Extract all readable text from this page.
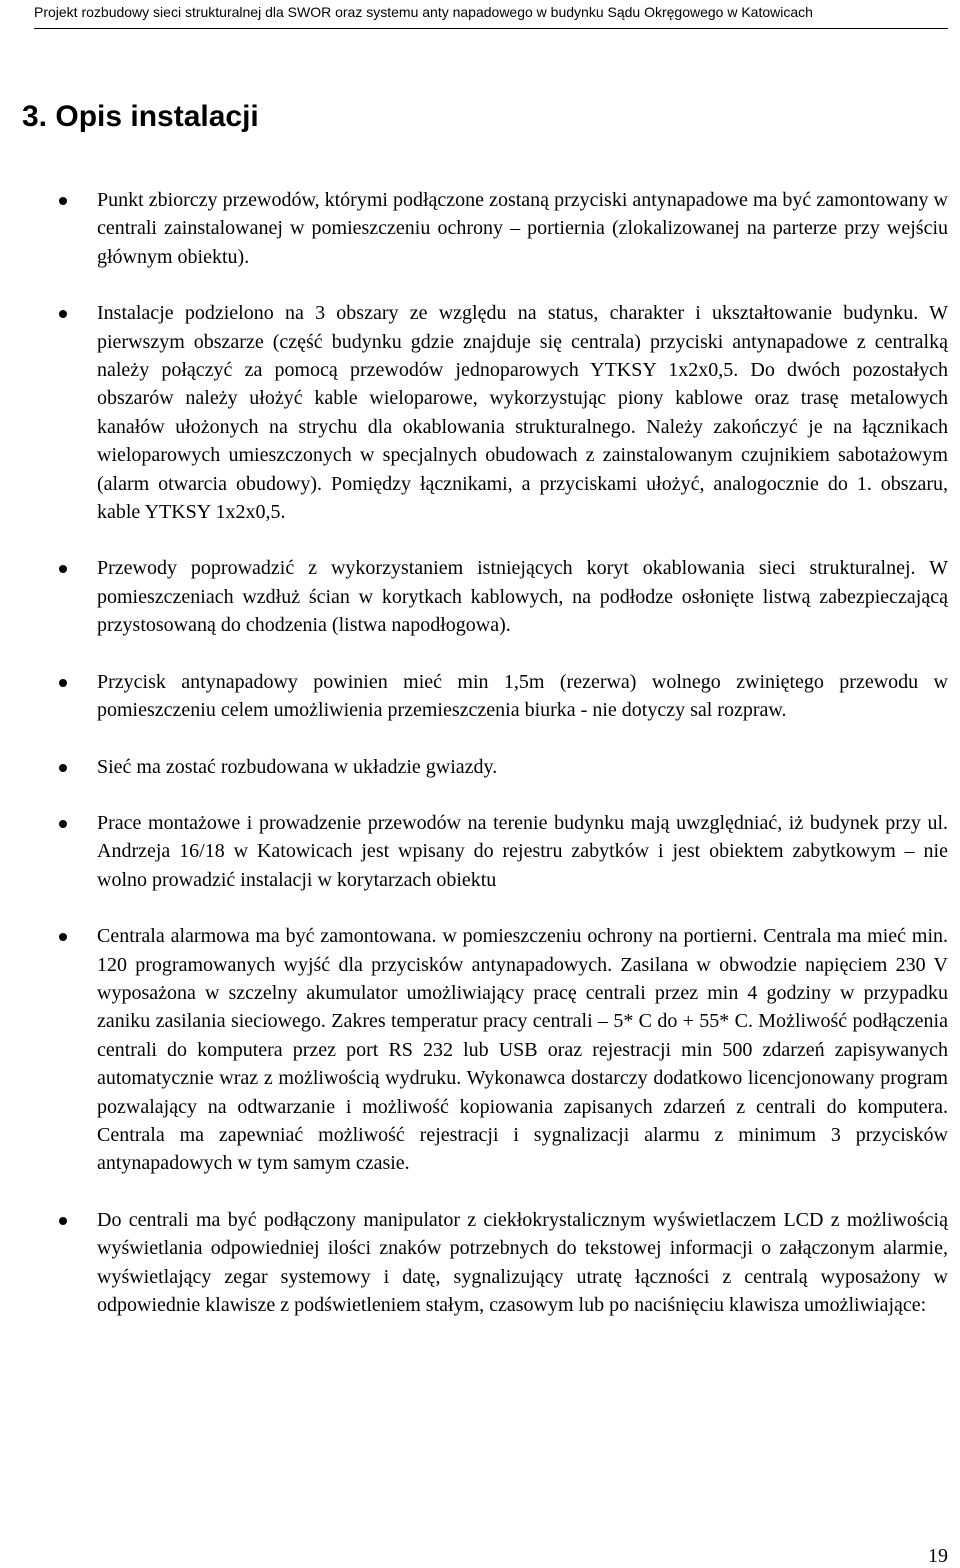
Projekt rozbudowy sieci strukturalnej dla SWOR oraz systemu anty napadowego w budynku Sądu Okręgowego w Katowicach
3. Opis instalacji

Punkt zbiorczy przewodów, którymi podłączone zostaną przyciski antynapadowe ma być zamontowany w centrali zainstalowanej w pomieszczeniu ochrony – portiernia (zlokalizowanej na parterze przy wejściu głównym obiektu).

Instalacje podzielono na 3 obszary ze względu na status, charakter i ukształtowanie budynku. W pierwszym obszarze (część budynku gdzie znajduje się centrala) przyciski antynapadowe z centralką należy połączyć za pomocą przewodów jednoparowych YTKSY 1x2x0,5. Do dwóch pozostałych obszarów należy ułożyć kable wieloparowe, wykorzystując piony kablowe oraz trasę metalowych kanałów ułożonych na strychu dla okablowania strukturalnego. Należy zakończyć je na łącznikach wieloparowych umieszczonych w specjalnych obudowach z zainstalowanym czujnikiem sabotażowym (alarm otwarcia obudowy). Pomiędzy łącznikami, a przyciskami ułożyć, analogocznie do 1. obszaru, kable YTKSY 1x2x0,5.

Przewody poprowadzić z wykorzystaniem istniejących koryt okablowania sieci strukturalnej. W pomieszczeniach wzdłuż ścian w korytkach kablowych, na podłodze osłonięte listwą zabezpieczającą przystosowaną do chodzenia (listwa napodłogowa).

Przycisk antynapadowy powinien mieć min 1,5m (rezerwa) wolnego zwiniętego przewodu w pomieszczeniu celem umożliwienia przemieszczenia biurka - nie dotyczy sal rozpraw.

Sieć ma zostać rozbudowana w układzie gwiazdy.

Prace montażowe i prowadzenie przewodów na terenie budynku mają uwzględniać, iż budynek przy ul. Andrzeja 16/18 w Katowicach jest wpisany do rejestru zabytków i jest obiektem zabytkowym – nie wolno prowadzić instalacji w korytarzach obiektu

Centrala alarmowa ma być zamontowana. w pomieszczeniu ochrony na portierni. Centrala ma mieć min. 120 programowanych wyjść dla przycisków antynapadowych. Zasilana w obwodzie napięciem 230 V wyposażona w szczelny akumulator umożliwiający pracę centrali przez min 4 godziny w przypadku zaniku zasilania sieciowego. Zakres temperatur pracy centrali – 5* C do + 55* C. Możliwość podłączenia centrali do komputera przez port RS 232 lub USB oraz rejestracji min 500 zdarzeń zapisywanych automatycznie wraz z możliwością wydruku. Wykonawca dostarczy dodatkowo licencjonowany program pozwalający na odtwarzanie i możliwość kopiowania zapisanych zdarzeń z centrali do komputera. Centrala ma zapewniać możliwość rejestracji i sygnalizacji alarmu z minimum 3 przycisków antynapadowych w tym samym czasie.

Do centrali ma być podłączony manipulator z ciekłokrystalicznym wyświetlaczem LCD z możliwością wyświetlania odpowiedniej ilości znaków potrzebnych do tekstowej informacji o załączonym alarmie, wyświetlający zegar systemowy i datę, sygnalizujący utratę łączności z centralą wyposażony w odpowiednie klawisze z podświetleniem stałym, czasowym lub po naciśnięciu klawisza umożliwiające:

19
